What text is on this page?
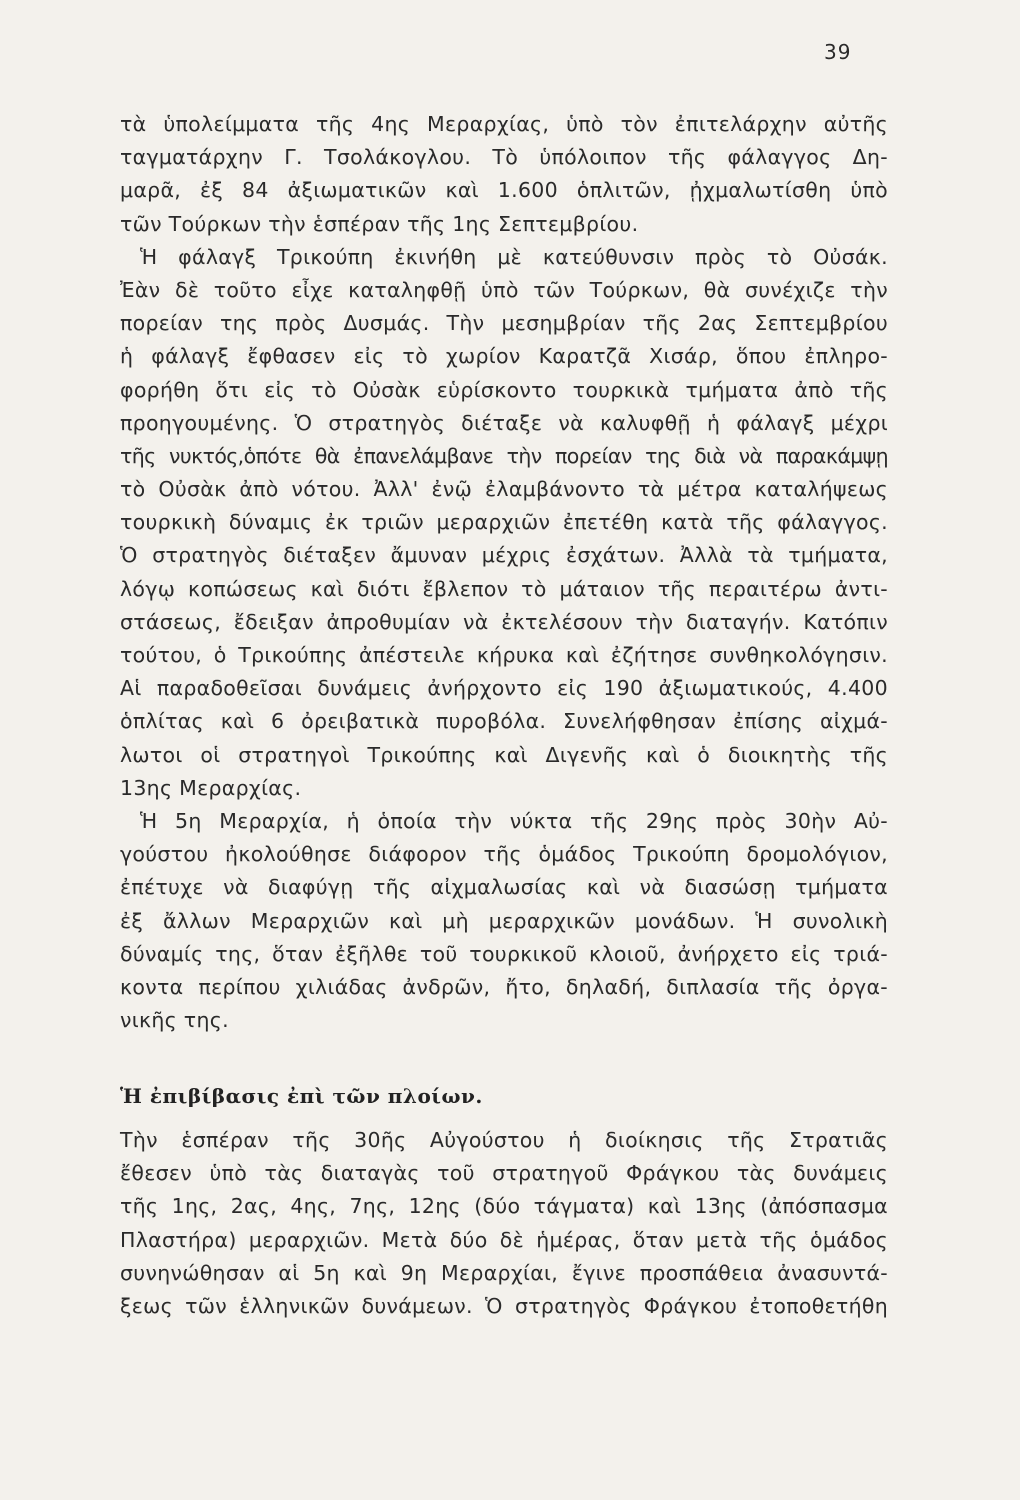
39
τὰ ὑπολείμματα τῆς 4ης Μεραρχίας, ὑπὸ τὸν ἐπιτελάρχην αὐτῆς
ταγματάρχην Γ. Τσολάκογλου. Τὸ ὑπόλοιπον τῆς φάλαγγος Δη-
μαρᾶ, ἐξ 84 ἀξιωματικῶν καὶ 1.600 ὁπλιτῶν, ᾐχμαλωτίσθη ὑπὸ
τῶν Τούρκων τὴν ἑσπέραν τῆς 1ης Σεπτεμβρίου.
Ἡ φάλαγξ Τρικούπη ἐκινήθη μὲ κατεύθυνσιν πρὸς τὸ Οὐσάκ.
Ἐὰν δὲ τοῦτο εἶχε καταληφθῇ ὑπὸ τῶν Τούρκων, θὰ συνέχιζε τὴν
πορείαν της πρὸς Δυσμάς. Τὴν μεσημβρίαν τῆς 2ας Σεπτεμβρίου
ἡ φάλαγξ ἔφθασεν εἰς τὸ χωρίον Καρατζᾶ Χισάρ, ὅπου ἐπληρο-
φορήθη ὅτι εἰς τὸ Οὐσὰκ εὑρίσκοντο τουρκικὰ τμήματα ἀπὸ τῆς
προηγουμένης. Ὁ στρατηγὸς διέταξε νὰ καλυφθῇ ἡ φάλαγξ μέχρι
τῆς νυκτός,ὁπότε θὰ ἐπανελάμβανε τὴν πορείαν της διὰ νὰ παρακάμψῃ
τὸ Οὐσὰκ ἀπὸ νότου. Ἀλλ' ἐνῷ ἐλαμβάνοντο τὰ μέτρα καταλήψεως
τουρκικὴ δύναμις ἐκ τριῶν μεραρχιῶν ἐπετέθη κατὰ τῆς φάλαγγος.
Ὁ στρατηγὸς διέταξεν ἄμυναν μέχρις ἐσχάτων. Ἀλλὰ τὰ τμήματα,
λόγῳ κοπώσεως καὶ διότι ἔβλεπον τὸ μάταιον τῆς περαιτέρω ἀντι-
στάσεως, ἔδειξαν ἀπροθυμίαν νὰ ἐκτελέσουν τὴν διαταγήν. Κατόπιν
τούτου, ὁ Τρικούπης ἀπέστειλε κήρυκα καὶ ἐζήτησε συνθηκολόγησιν.
Αἱ παραδοθεῖσαι δυνάμεις ἀνήρχοντο εἰς 190 ἀξιωματικούς, 4.400
ὁπλίτας καὶ 6 ὀρειβατικὰ πυροβόλα. Συνελήφθησαν ἐπίσης αἰχμά-
λωτοι οἱ στρατηγοὶ Τρικούπης καὶ Διγενῆς καὶ ὁ διοικητὴς τῆς
13ης Μεραρχίας.
Ἡ 5η Μεραρχία, ἡ ὁποία τὴν νύκτα τῆς 29ης πρὸς 30ὴν Αὐ-
γούστου ἠκολούθησε διάφορον τῆς ὁμάδος Τρικούπη δρομολόγιον,
ἐπέτυχε νὰ διαφύγῃ τῆς αἰχμαλωσίας καὶ νὰ διασώσῃ τμήματα
ἐξ ἄλλων Μεραρχιῶν καὶ μὴ μεραρχικῶν μονάδων. Ἡ συνολικὴ
δύναμίς της, ὅταν ἐξῆλθε τοῦ τουρκικοῦ κλοιοῦ, ἀνήρχετο εἰς τριά-
κοντα περίπου χιλιάδας ἀνδρῶν, ἤτο, δηλαδή, διπλασία τῆς ὀργα-
νικῆς της.
Ἡ ἐπιβίβασις ἐπὶ τῶν πλοίων.
Τὴν ἑσπέραν τῆς 30ῆς Αὐγούστου ἡ διοίκησις τῆς Στρατιᾶς
ἔθεσεν ὑπὸ τὰς διαταγὰς τοῦ στρατηγοῦ Φράγκου τὰς δυνάμεις
τῆς 1ης, 2ας, 4ης, 7ης, 12ης (δύο τάγματα) καὶ 13ης (ἀπόσπασμα
Πλαστήρα) μεραρχιῶν. Μετὰ δύο δὲ ἡμέρας, ὅταν μετὰ τῆς ὁμάδος
συνηνώθησαν αἱ 5η καὶ 9η Μεραρχίαι, ἔγινε προσπάθεια ἀνασυντά-
ξεως τῶν ἑλληνικῶν δυνάμεων. Ὁ στρατηγὸς Φράγκου ἐτοποθετήθη
